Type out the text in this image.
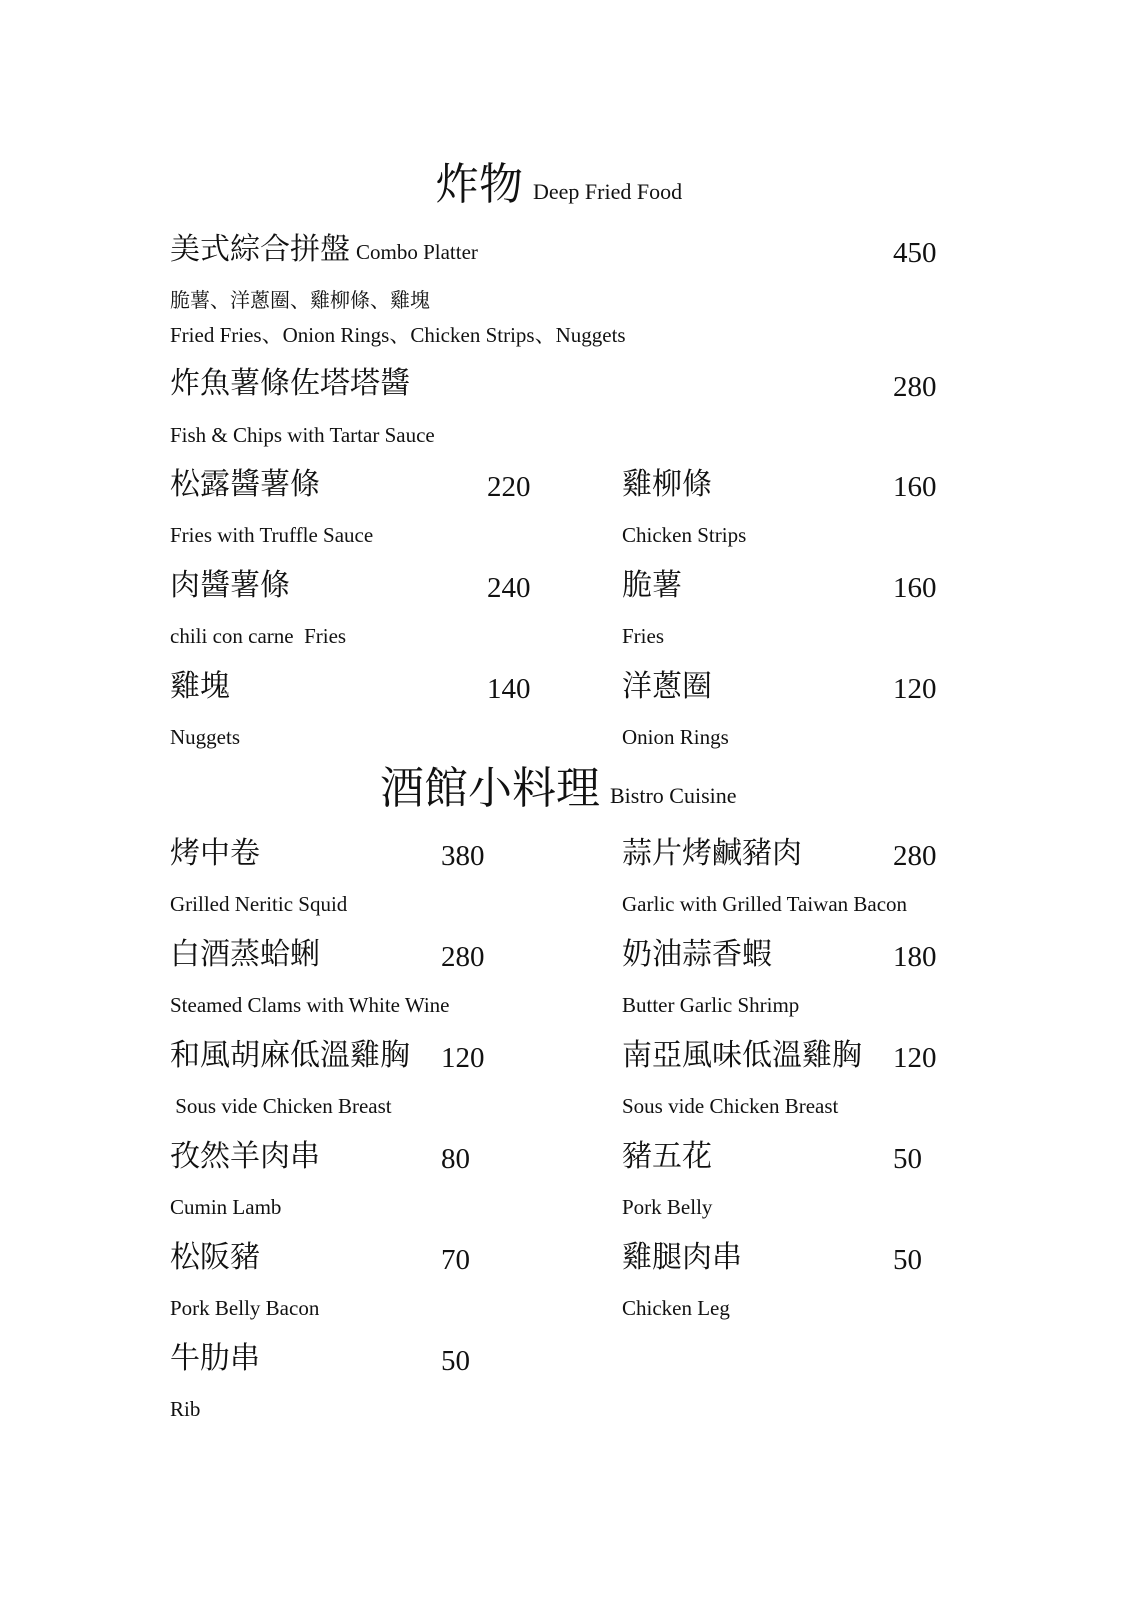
炸物 Deep Fried Food
美式綜合拼盤 Combo Platter	450
脆薯、洋蔥圈、雞柳條、雞塊
Fried Fries、Onion Rings、Chicken Strips、Nuggets
炸魚薯條佐塔塔醬	280
Fish & Chips with Tartar Sauce
松露醬薯條	220
Fries with Truffle Sauce
雞柳條	160
Chicken Strips
肉醬薯條	240
chili con carne  Fries
脆薯	160
Fries
雞塊	140
Nuggets
洋蔥圈	120
Onion Rings
酒館小料理 Bistro Cuisine
烤中卷	380
Grilled Neritic Squid
蒜片烤鹹豬肉	280
Garlic with Grilled Taiwan Bacon
白酒蒸蛤蜊	280
Steamed Clams with White Wine
奶油蒜香蝦	180
Butter Garlic Shrimp
和風胡麻低溫雞胸 120
Sous vide Chicken Breast
南亞風味低溫雞胸 120
Sous vide Chicken Breast
孜然羊肉串	80
Cumin Lamb
豬五花	50
Pork Belly
松阪豬	70
Pork Belly Bacon
雞腿肉串	50
Chicken Leg
牛肋串	50
Rib
